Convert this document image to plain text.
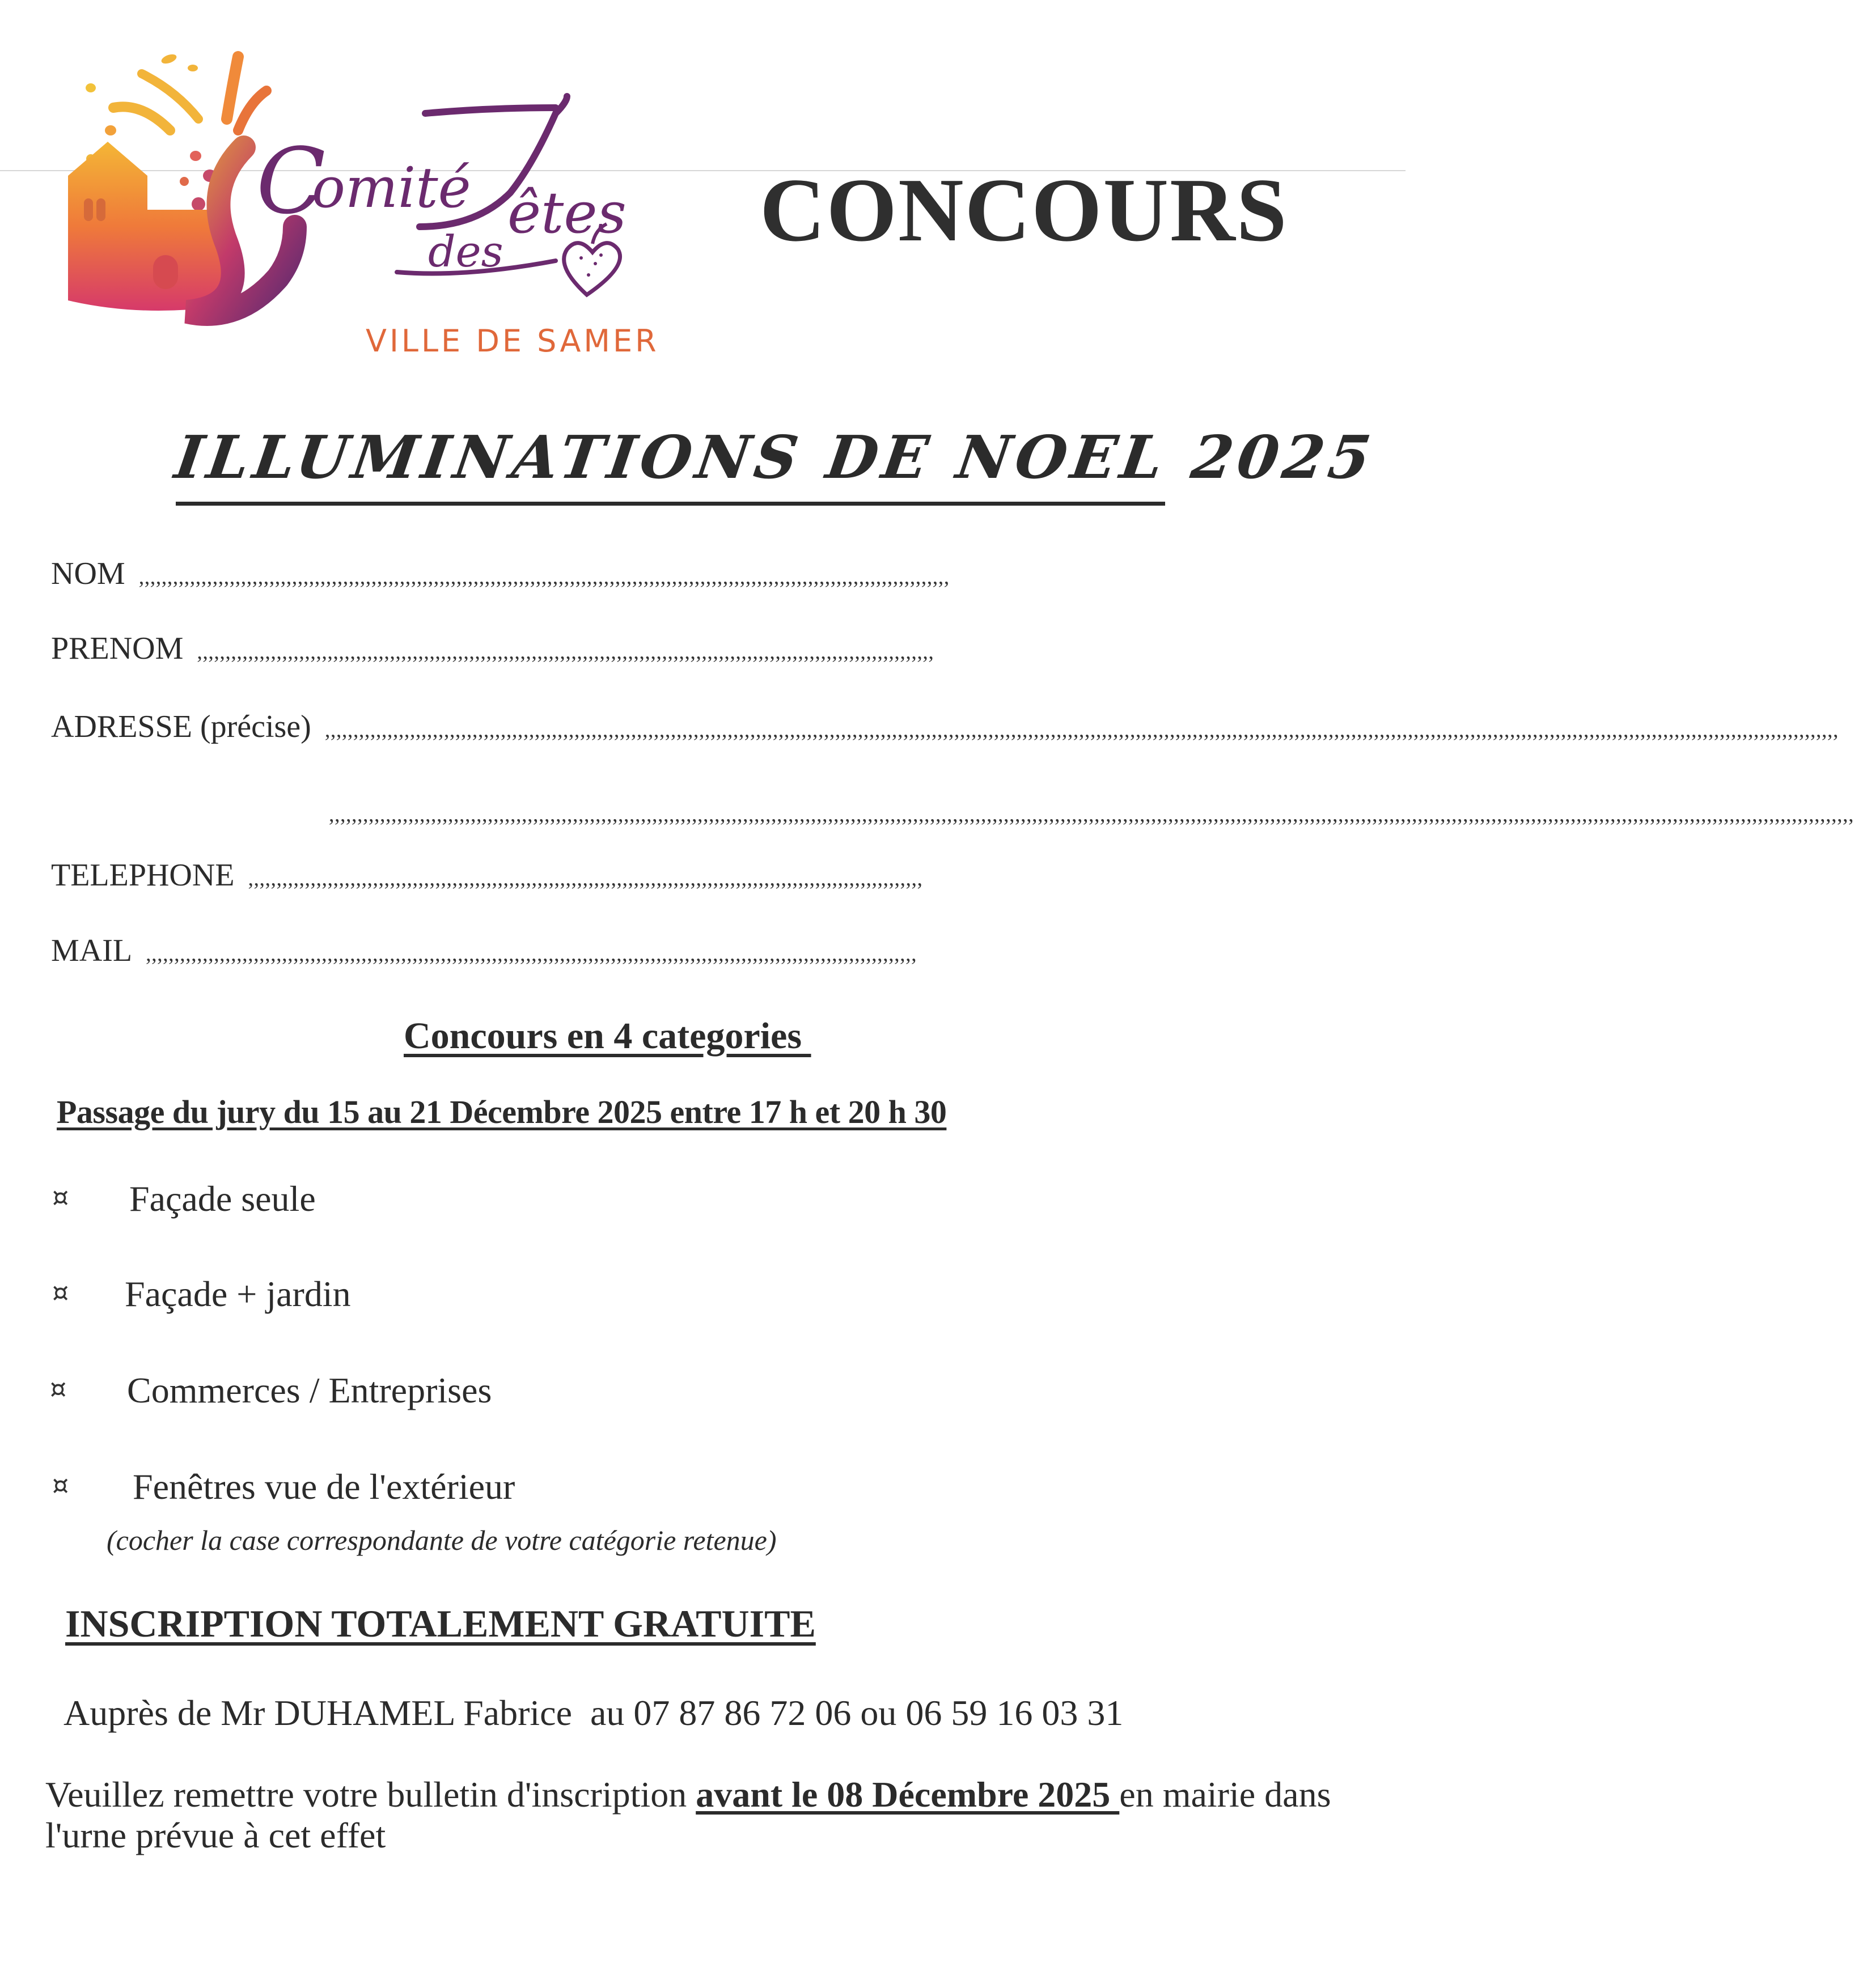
C
omité êtes
des
VILLE DE SAMER
CONCOURS
ILLUMINATIONS DE NOEL 2025
NOM ,,,,,,,,,,,,,,,,,,,,,,,,,,,,,,,,,,,,,,,,,,,,,,,,,,,,,,,,,,,,,,,,,,,,,,,,,,,,,,,,,,,,,,,,,,,,,,,,,,,,,,,,,,,,,,,,,,,,,,,,,,,,,,,,,,,,,,,,,,,,,,,
PRENOM ,,,,,,,,,,,,,,,,,,,,,,,,,,,,,,,,,,,,,,,,,,,,,,,,,,,,,,,,,,,,,,,,,,,,,,,,,,,,,,,,,,,,,,,,,,,,,,,,,,,,,,,,,,,,,,,,,,,,,,,,,,,,,,,,,,
ADRESSE (précise) ,,,,,,,,,,,,,,,,,,,,,,,,,,,,,,,,,,,,,,,,,,,,,,,,,,,,,,,,,,,,,,,,,,,,,,,,,,,,,,,,,,,,,,,,,,,,,,,,,,,,,,,,,,,,,,,,,,,,,,,,,,,,,,,,,,,,,,,,,,,,,,,,,,,,,,,,,,,,,,,,,,,,,,,,,,,,,,,,,,,,,,,,,,,,,,,,,,,,,,,,,,,,,,,,,,,,,,,,,,,,,,,,,,,,,,,,,,,,,,,,,,,,,,,,,,,,,,,,,,,,,,,,,,,
,,,,,,,,,,,,,,,,,,,,,,,,,,,,,,,,,,,,,,,,,,,,,,,,,,,,,,,,,,,,,,,,,,,,,,,,,,,,,,,,,,,,,,,,,,,,,,,,,,,,,,,,,,,,,,,,,,,,,,,,,,,,,,,,,,,,,,,,,,,,,,,,,,,,,,,,,,,,,,,,,,,,,,,,,,,,,,,,,,,,,,,,,,,,,,,,,,,,,,,,,,,,,,,,,,,,,,,,,,,,,,,,,,,,,,,,,,,,,,,,,,,,,,,,,,,,,,,,,,,,,,,,,,,,,
TELEPHONE ,,,,,,,,,,,,,,,,,,,,,,,,,,,,,,,,,,,,,,,,,,,,,,,,,,,,,,,,,,,,,,,,,,,,,,,,,,,,,,,,,,,,,,,,,,,,,,,,,,,,,,,,,,,,,,,,,,,,,,,
MAIL ,,,,,,,,,,,,,,,,,,,,,,,,,,,,,,,,,,,,,,,,,,,,,,,,,,,,,,,,,,,,,,,,,,,,,,,,,,,,,,,,,,,,,,,,,,,,,,,,,,,,,,,,,,,,,,,,,,,,,,,,,,,,,,,,,,,,,,,,
Concours en 4 categories
Passage du jury du 15 au 21 Décembre 2025 entre 17 h et 20 h 30
¤ Façade seule
¤ Façade + jardin
¤ Commerces / Entreprises
¤ Fenêtres vue de l'extérieur
(cocher la case correspondante de votre catégorie retenue)
INSCRIPTION TOTALEMENT GRATUITE
Auprès de Mr DUHAMEL Fabrice  au 07 87 86 72 06 ou 06 59 16 03 31
Veuillez remettre votre bulletin d'inscription avant le 08 Décembre 2025 en mairie dans l'urne prévue à cet effet
